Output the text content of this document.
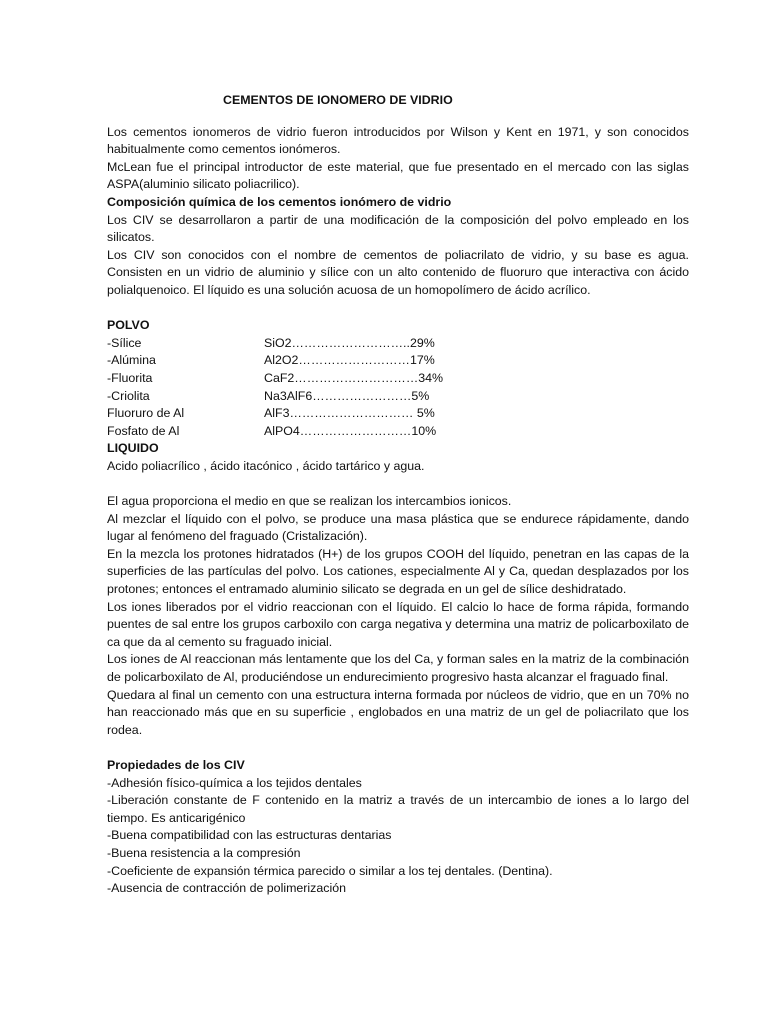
CEMENTOS DE IONOMERO DE VIDRIO

Los cementos ionomeros de vidrio fueron introducidos por Wilson y Kent en 1971, y son conocidos habitualmente como cementos ionómeros.

McLean fue el principal introductor de este material, que fue presentado en el mercado con las siglas ASPA(aluminio silicato poliacrilico).

Composición química de los cementos ionómero de vidrio

Los CIV se desarrollaron a partir de una modificación de la composición del polvo empleado en los silicatos.

Los CIV son conocidos con el nombre de cementos de poliacrilato de vidrio, y su base es agua. Consisten en un vidrio de aluminio y sílice con un alto contenido de fluoruro que interactiva con ácido polialquenoico. El líquido es una solución acuosa de un homopolímero de ácido acrílico.

POLVO

-Sílice	SiO2………………………..29%
-Alúmina	Al2O2………………………17%
-Fluorita	CaF2…………………………34%
-Criolita	Na3AlF6……………………5%
Fluoruro de Al	AlF3………………………… 5%
Fosfato de Al	AlPO4………………………10%

LIQUIDO

Acido poliacrílico , ácido itacónico , ácido tartárico y agua.

El agua proporciona el medio en que se realizan los intercambios ionicos.

Al mezclar el líquido con el polvo, se produce una masa plástica que se endurece rápidamente, dando lugar al fenómeno del fraguado (Cristalización).

En la mezcla los protones hidratados (H+) de los grupos COOH del líquido, penetran en las capas de la superficies de las partículas del polvo. Los cationes, especialmente Al y Ca, quedan desplazados por los protones; entonces el entramado aluminio silicato se degrada en un gel de sílice deshidratado.

Los iones liberados por el vidrio reaccionan con el líquido. El calcio lo hace de forma rápida, formando puentes de sal entre los grupos carboxilo con carga negativa y determina una matriz de policarboxilato de ca que da al cemento su fraguado inicial.

Los iones de Al reaccionan más lentamente que los del Ca, y forman sales en la matriz de la combinación de policarboxilato de Al, produciéndose un endurecimiento progresivo hasta alcanzar el fraguado final.

Quedara al final un cemento con una estructura interna formada por núcleos de vidrio, que en un 70% no han reaccionado más que en su superficie , englobados en una matriz de un gel de poliacrilato que los rodea.

Propiedades de los CIV

-Adhesión físico-química a los tejidos dentales

-Liberación constante de F contenido en la matriz a través de un intercambio de iones a lo largo del tiempo. Es anticarigénico

-Buena compatibilidad con las estructuras dentarias

-Buena resistencia a la compresión

-Coeficiente de expansión térmica parecido o similar a los tej dentales. (Dentina).

-Ausencia de contracción de polimerización
